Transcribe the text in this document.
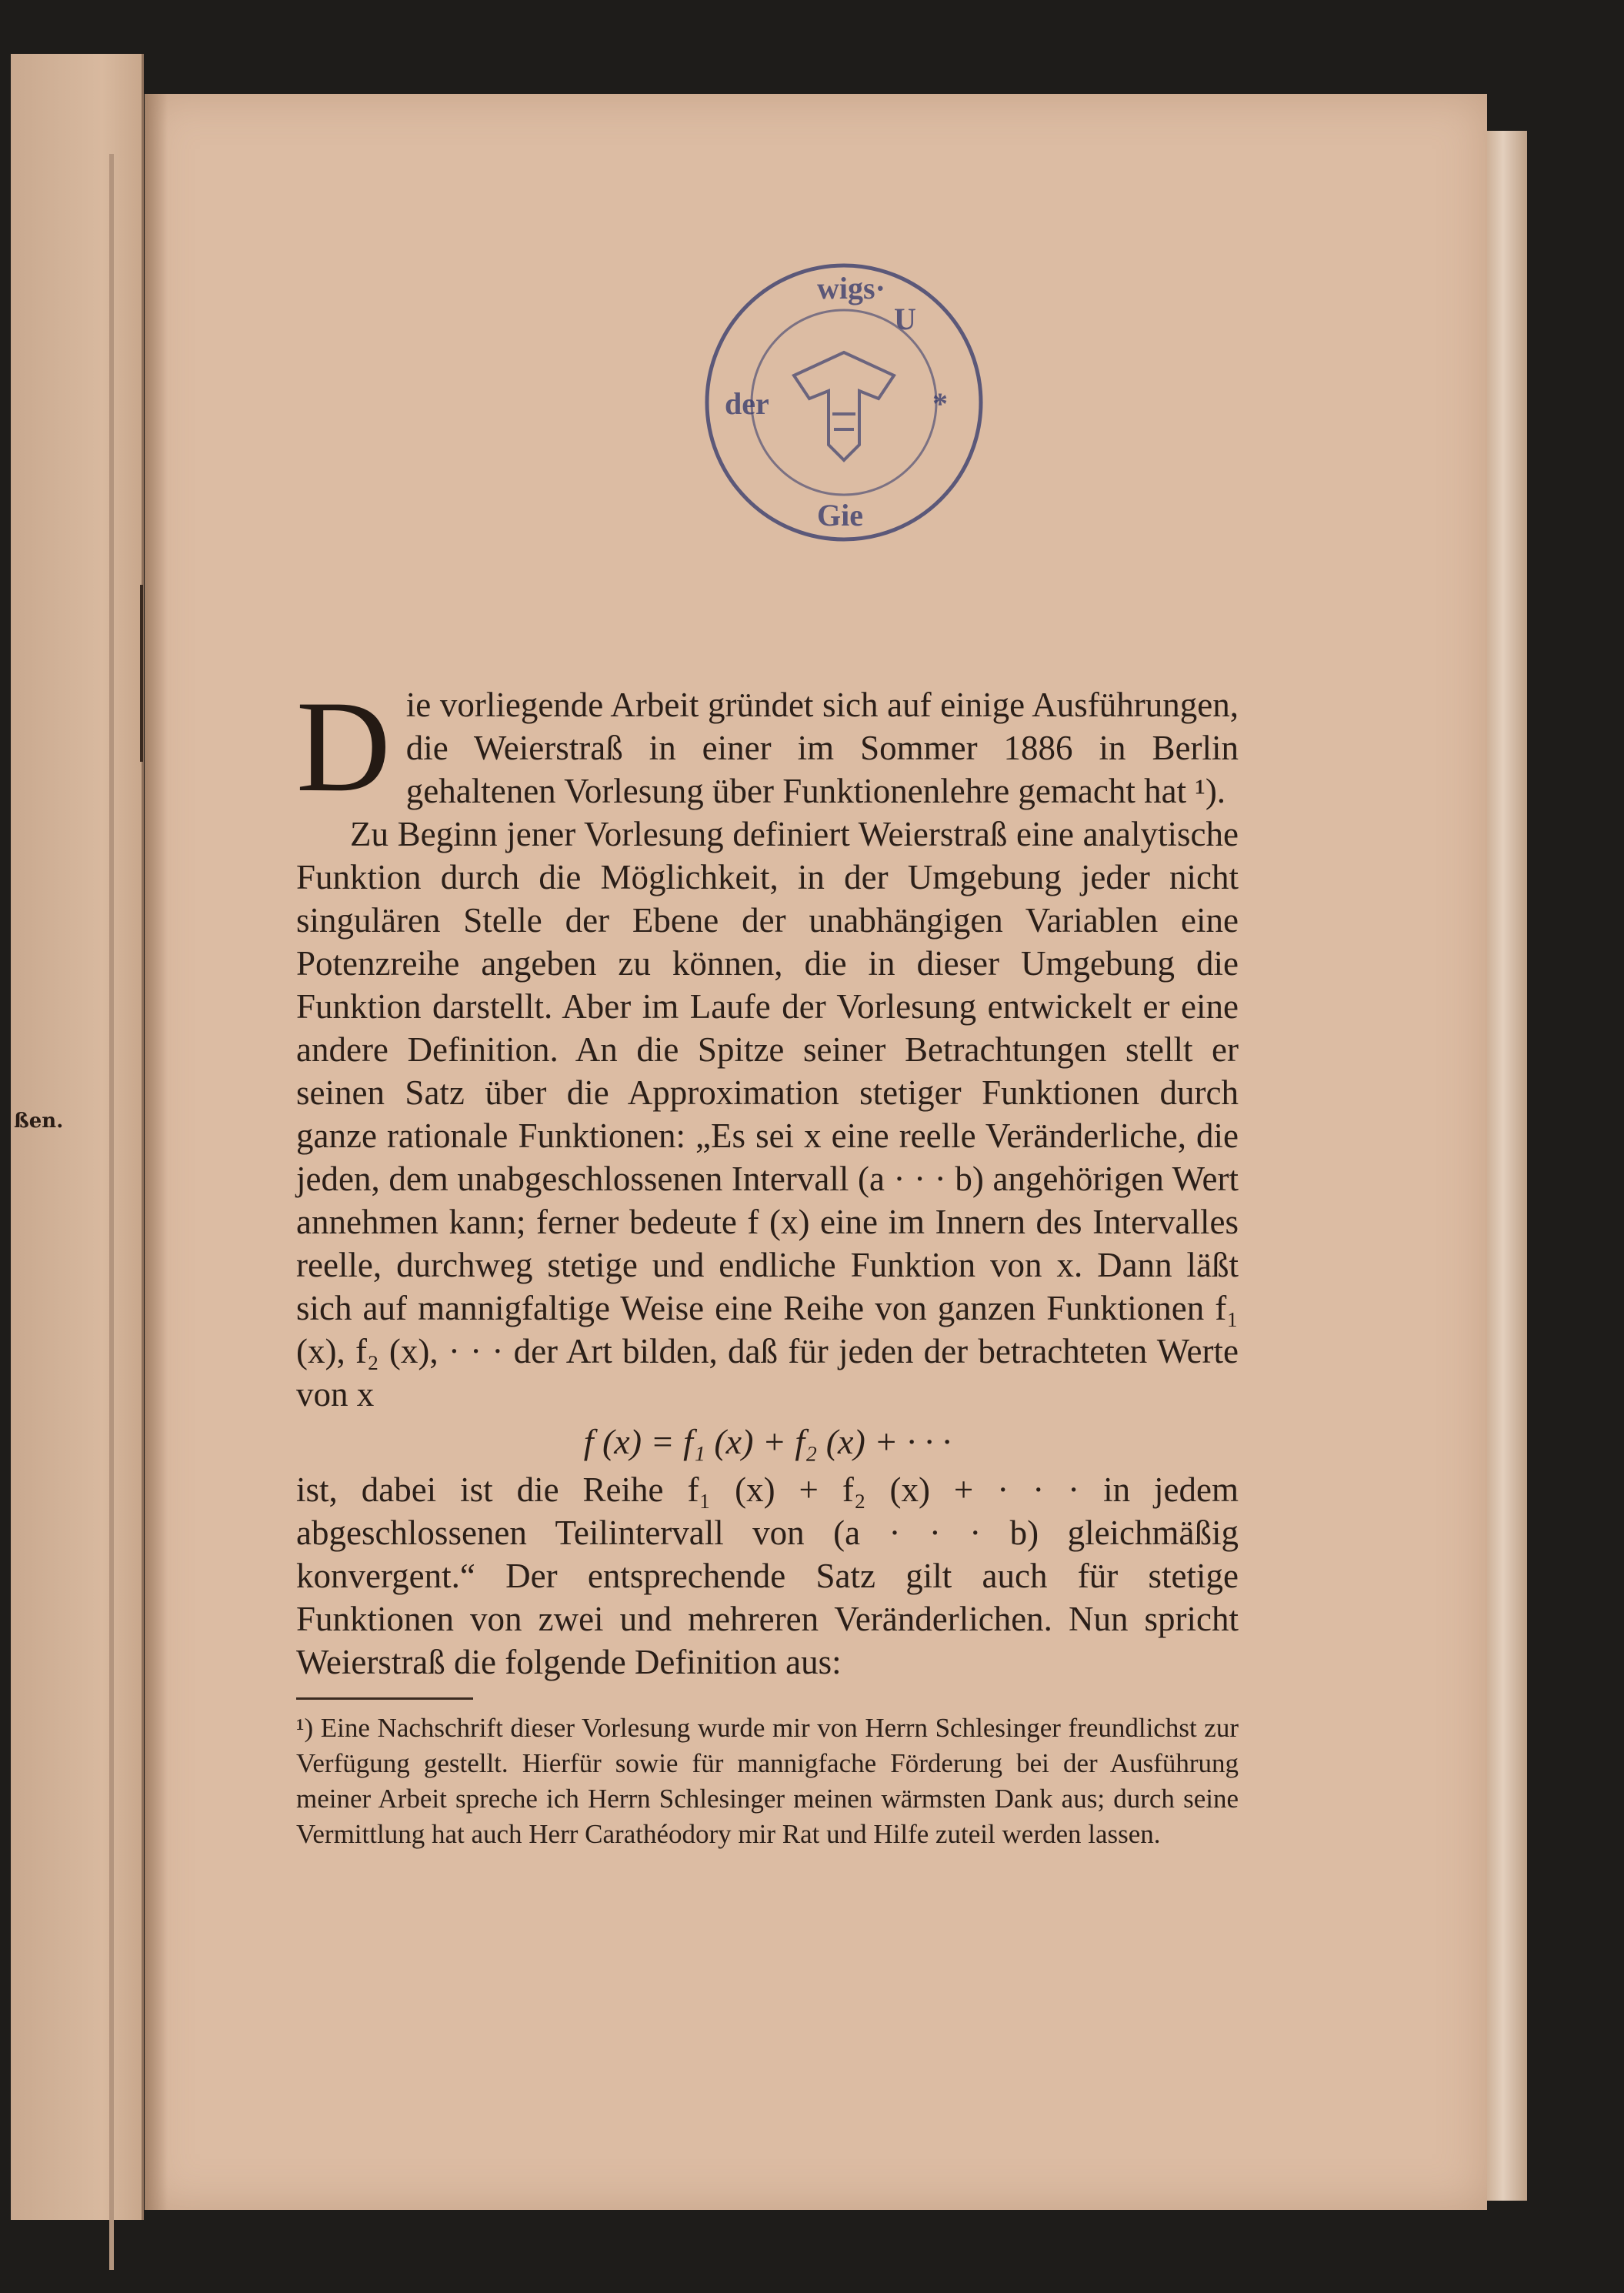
ßen.
wigs·
U
*
Gie
der

D ie vorliegende Arbeit gründet sich auf einige Ausführungen, die Weierstraß in einer im Sommer 1886 in Berlin gehaltenen Vorlesung über Funktionenlehre gemacht hat ¹).

Zu Beginn jener Vorlesung definiert Weierstraß eine analytische Funktion durch die Möglichkeit, in der Umgebung jeder nicht singulären Stelle der Ebene der unabhängigen Variablen eine Potenzreihe angeben zu können, die in dieser Umgebung die Funktion darstellt. Aber im Laufe der Vorlesung entwickelt er eine andere Definition. An die Spitze seiner Betrachtungen stellt er seinen Satz über die Approximation stetiger Funktionen durch ganze rationale Funktionen: „Es sei x eine reelle Veränderliche, die jeden, dem unabgeschlossenen Intervall (a · · · b) angehörigen Wert annehmen kann; ferner bedeute f (x) eine im Innern des Intervalles reelle, durchweg stetige und endliche Funktion von x. Dann läßt sich auf mannigfaltige Weise eine Reihe von ganzen Funktionen f₁ (x), f₂ (x), · · · der Art bilden, daß für jeden der betrachteten Werte von x

f (x) = f₁ (x) + f₂ (x) + · · ·

ist, dabei ist die Reihe f₁ (x) + f₂ (x) + · · · in jedem abgeschlossenen Teilintervall von (a · · · b) gleichmäßig konvergent.“ Der entsprechende Satz gilt auch für stetige Funktionen von zwei und mehreren Veränderlichen. Nun spricht Weierstraß die folgende Definition aus:

¹) Eine Nachschrift dieser Vorlesung wurde mir von Herrn Schlesinger freundlichst zur Verfügung gestellt. Hierfür sowie für mannigfache Förderung bei der Ausführung meiner Arbeit spreche ich Herrn Schlesinger meinen wärmsten Dank aus; durch seine Vermittlung hat auch Herr Carathéodory mir Rat und Hilfe zuteil werden lassen.
